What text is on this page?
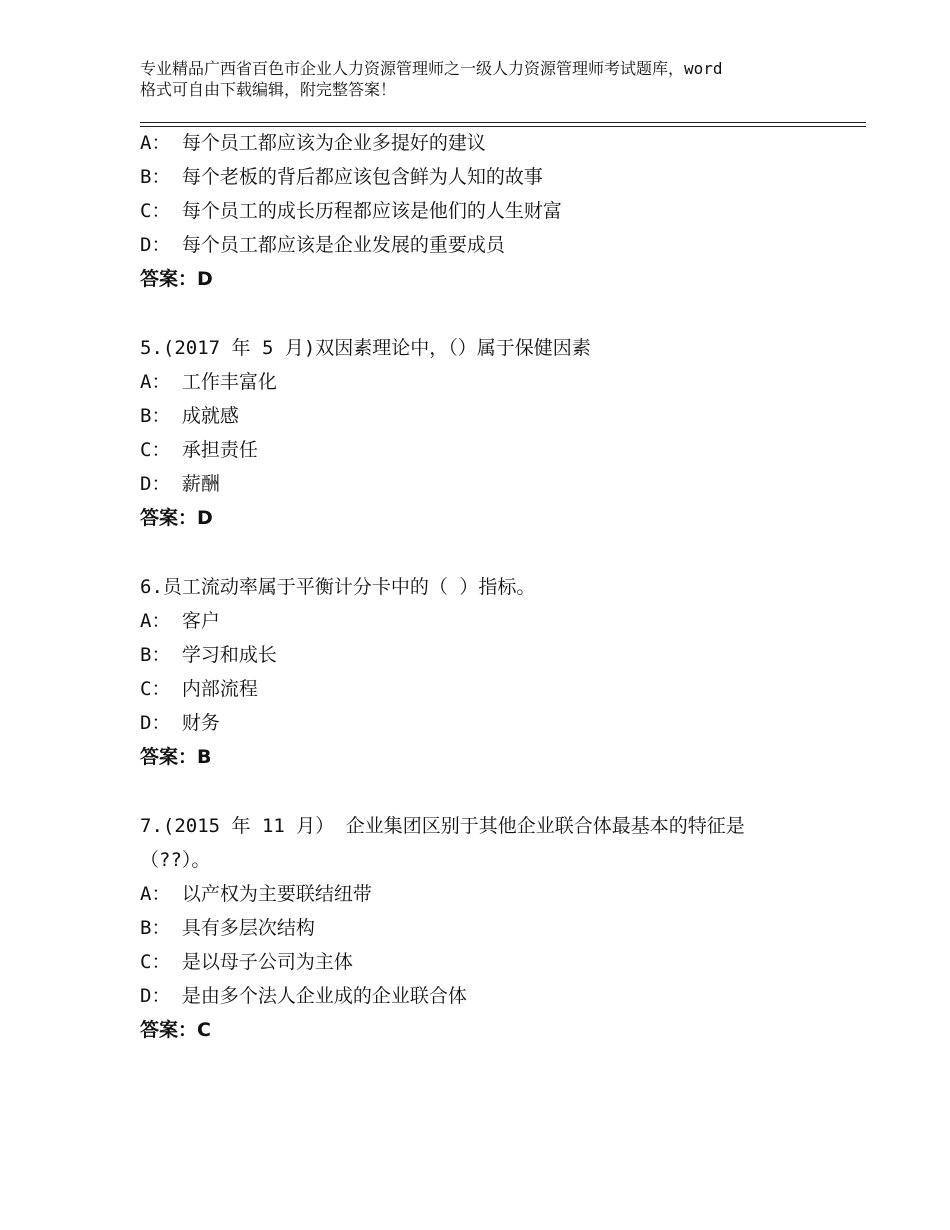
专业精品广西省百色市企业人力资源管理师之一级人力资源管理师考试题库，word
格式可自由下载编辑，附完整答案！
A： 每个员工都应该为企业多提好的建议
B： 每个老板的背后都应该包含鲜为人知的故事
C： 每个员工的成长历程都应该是他们的人生财富
D： 每个员工都应该是企业发展的重要成员
答案：D
5.(2017 年 5 月)双因素理论中，（）属于保健因素
A： 工作丰富化
B： 成就感
C： 承担责任
D： 薪酬
答案：D
6.员工流动率属于平衡计分卡中的（ ）指标。
A： 客户
B： 学习和成长
C： 内部流程
D： 财务
答案：B
7.(2015 年 11 月） 企业集团区别于其他企业联合体最基本的特征是
（??）。
A： 以产权为主要联结纽带
B： 具有多层次结构
C： 是以母子公司为主体
D： 是由多个法人企业成的企业联合体
答案：C
